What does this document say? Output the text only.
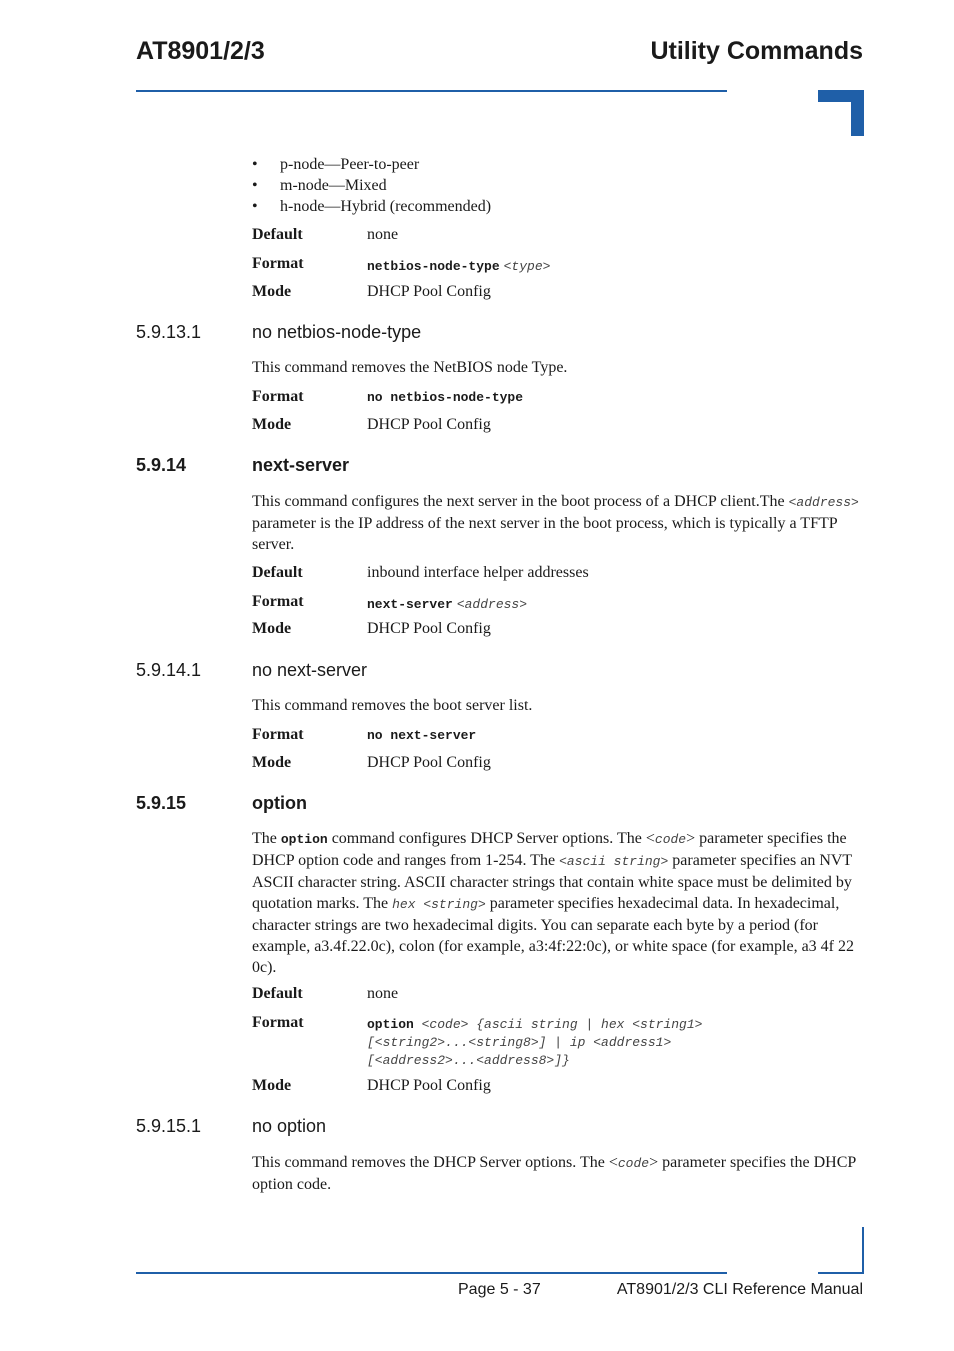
AT8901/2/3	Utility Commands
• p-node—Peer-to-peer
• m-node—Mixed
• h-node—Hybrid (recommended)
Default	none
Format	netbios-node-type <type>
Mode	DHCP Pool Config
5.9.13.1	no netbios-node-type

This command removes the NetBIOS node Type.

Format	no netbios-node-type
Mode	DHCP Pool Config
5.9.14	next-server

This command configures the next server in the boot process of a DHCP client.The <address> parameter is the IP address of the next server in the boot process, which is typically a TFTP server.

Default	inbound interface helper addresses
Format	next-server <address>
Mode	DHCP Pool Config
5.9.14.1	no next-server

This command removes the boot server list.

Format	no next-server
Mode	DHCP Pool Config
5.9.15	option

The option command configures DHCP Server options. The <code> parameter specifies the DHCP option code and ranges from 1-254. The <ascii string> parameter specifies an NVT ASCII character string. ASCII character strings that contain white space must be delimited by quotation marks. The hex <string> parameter specifies hexadecimal data. In hexadecimal, character strings are two hexadecimal digits. You can separate each byte by a period (for example, a3.4f.22.0c), colon (for example, a3:4f:22:0c), or white space (for example, a3 4f 22 0c).

Default	none
Format	option <code> {ascii string | hex <string1>
[<string2>...<string8>] | ip <address1>
[<address2>...<address8>]}
Mode	DHCP Pool Config
5.9.15.1	no option

This command removes the DHCP Server options. The <code> parameter specifies the DHCP option code.

Page 5 - 37	AT8901/2/3 CLI Reference Manual
